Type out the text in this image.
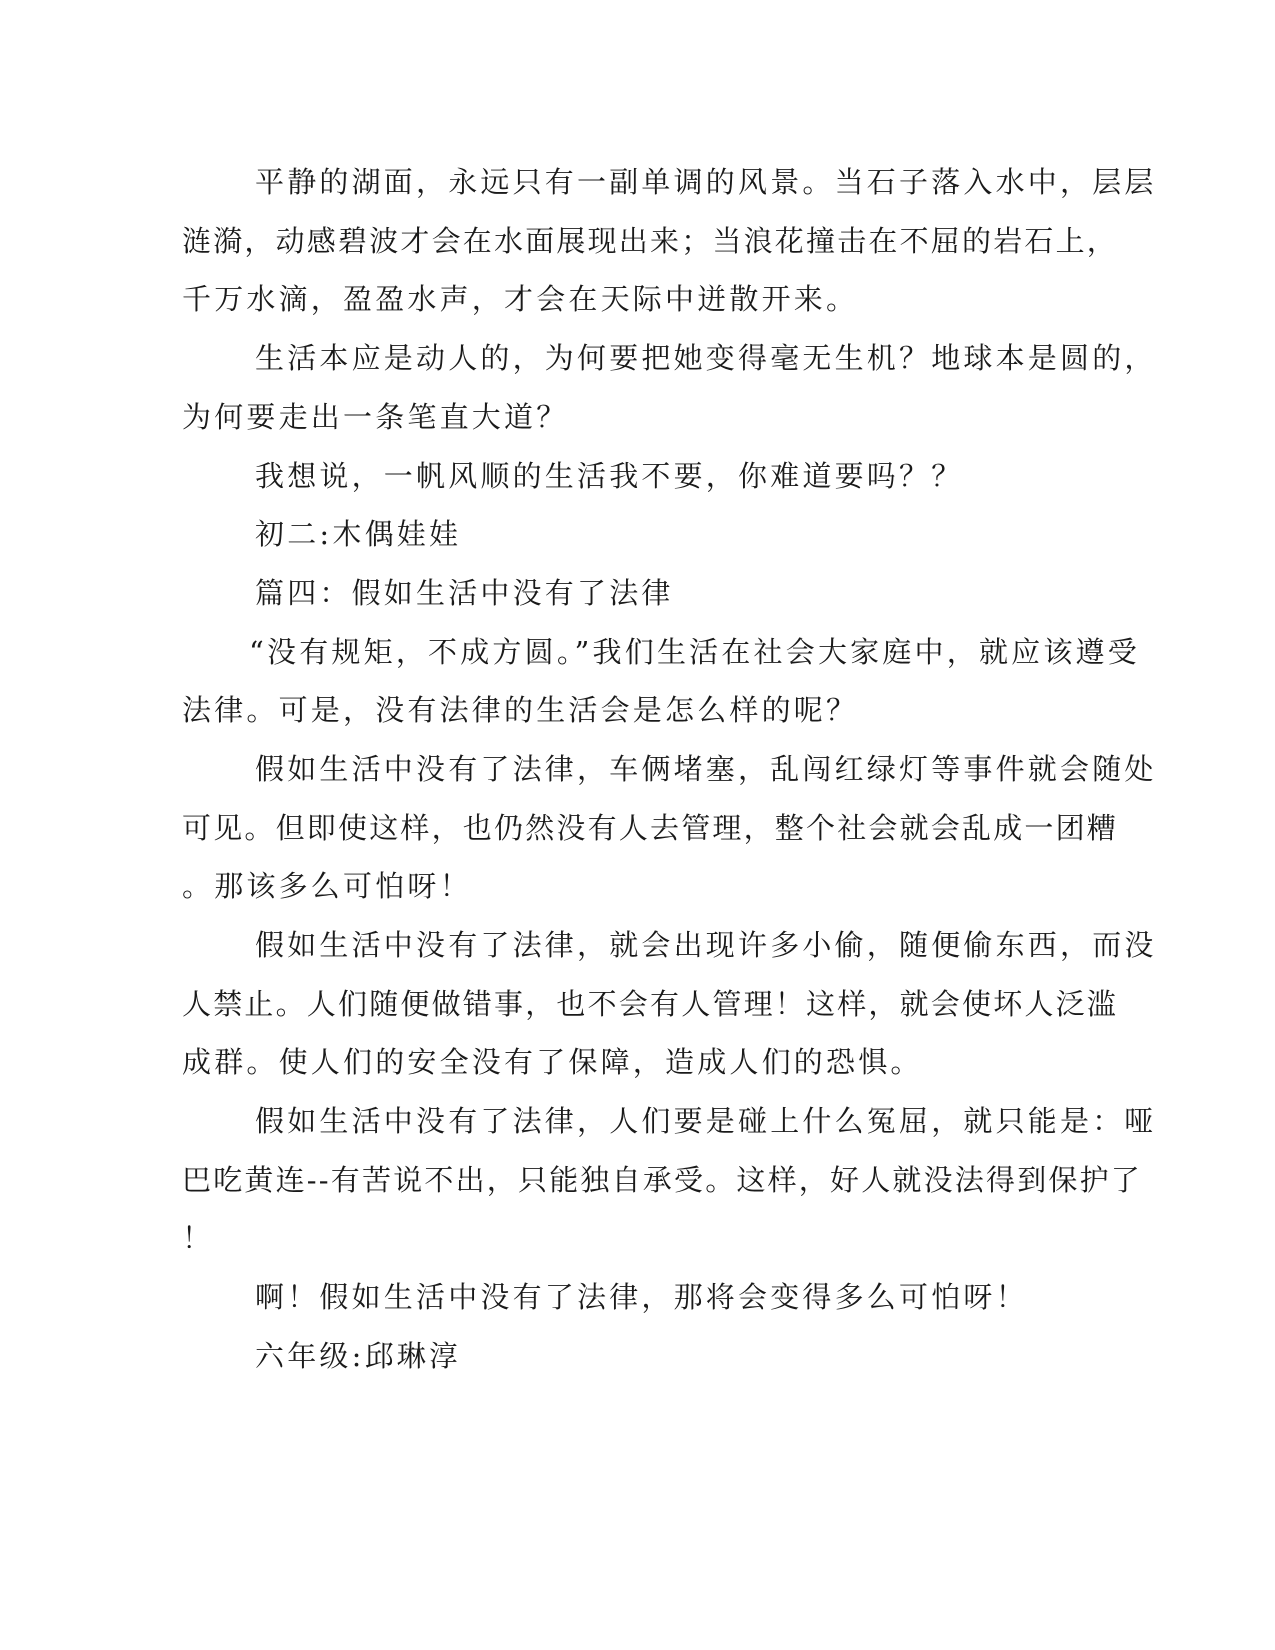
平静的湖面，永远只有一副单调的风景。当石子落入水中，层层
涟漪，动感碧波才会在水面展现出来；当浪花撞击在不屈的岩石上，
千万水滴，盈盈水声，才会在天际中迸散开来。
生活本应是动人的，为何要把她变得毫无生机？地球本是圆的，
为何要走出一条笔直大道？
我想说，一帆风顺的生活我不要，你难道要吗？？
初二:木偶娃娃
篇四：假如生活中没有了法律
“没有规矩，不成方圆。”我们生活在社会大家庭中，就应该遵受
法律。可是，没有法律的生活会是怎么样的呢？
假如生活中没有了法律，车俩堵塞，乱闯红绿灯等事件就会随处
可见。但即使这样，也仍然没有人去管理，整个社会就会乱成一团糟
。那该多么可怕呀！
假如生活中没有了法律，就会出现许多小偷，随便偷东西，而没
人禁止。人们随便做错事，也不会有人管理！这样，就会使坏人泛滥
成群。使人们的安全没有了保障，造成人们的恐惧。
假如生活中没有了法律，人们要是碰上什么冤屈，就只能是：哑
巴吃黄连--有苦说不出，只能独自承受。这样，好人就没法得到保护了
！
啊！假如生活中没有了法律，那将会变得多么可怕呀！
六年级:邱琳淳
